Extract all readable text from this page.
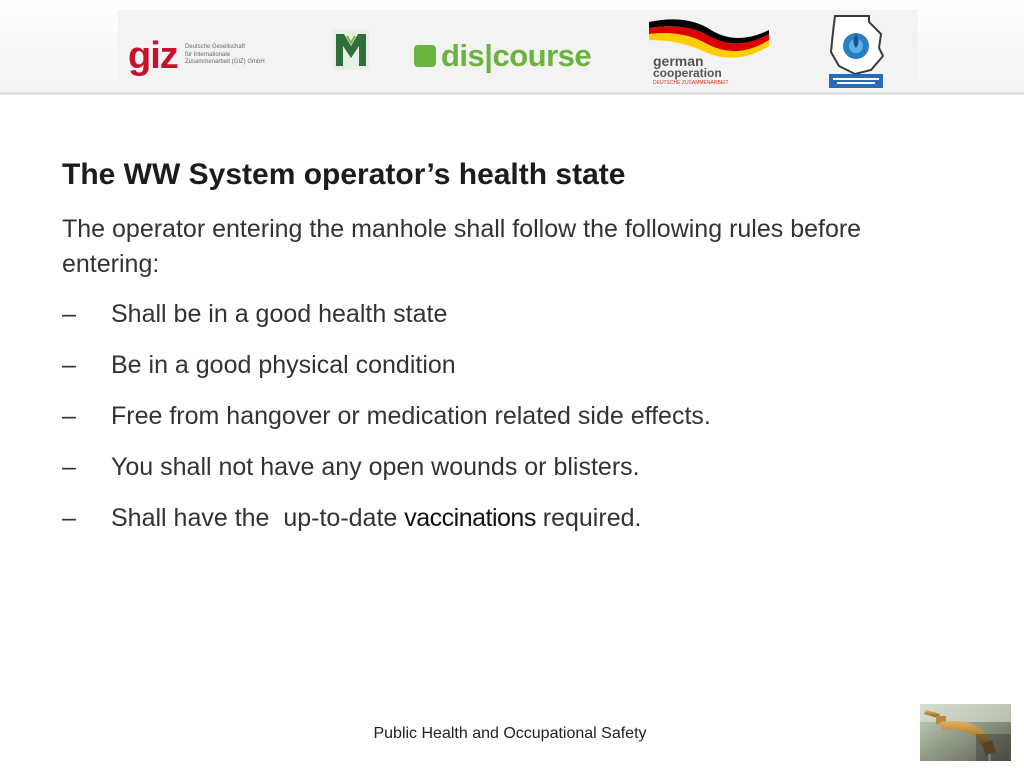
giz Deutsche Gesellschaft
für Internationale
Zusammenarbeit (GIZ) GmbH	dis|course	german
cooperation
DEUTSCHE ZUSAMMENARBEIT
The WW System operator’s health state

The operator entering the manhole shall follow the following rules before entering:

–	Shall be in a good health state
–	Be in a good physical condition
–	Free from hangover or medication related side effects.
–	You shall not have any open wounds or blisters.
–	Shall have the  up-to-date vaccinations required.
Public Health and Occupational Safety
